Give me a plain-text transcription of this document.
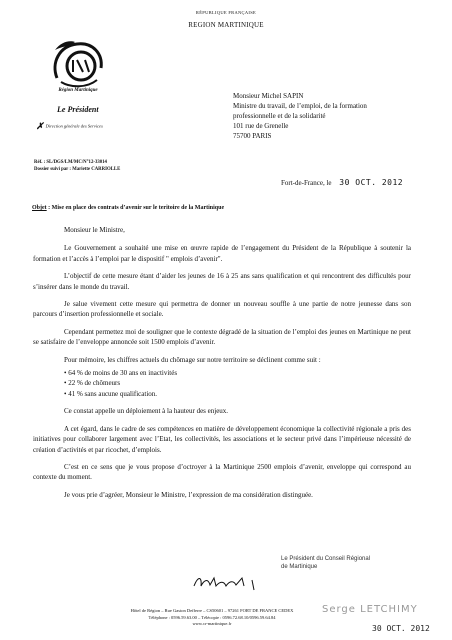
RÉPUBLIQUE FRANÇAISE
REGION MARTINIQUE
Région Martinique
Le Président
✗ Direction générale des Services
Réf. : SL/DGS/LM/MC/N°12-33014
Dossier suivi par : Mariette CARRIOLLE
Monsieur Michel SAPIN
Ministre du travail, de l’emploi, de la formation
professionnelle et de la solidarité
101 rue de Grenelle
75700 PARIS
Fort-de-France, le 30 OCT. 2012
Objet : Mise en place des contrats d’avenir sur le teritoire de la Martinique

Monsieur le Ministre,

Le Gouvernement a souhaité une mise en œuvre rapide de l’engagement du Président de la République à soutenir la formation et l’accès à l’emploi par le dispositif " emplois d’avenir".

L’objectif de cette mesure étant d’aider les jeunes de 16 à 25 ans sans qualification et qui rencontrent des difficultés pour s’insérer dans le monde du travail.

Je salue vivement cette mesure qui permettra de donner un nouveau souffle à une partie de notre jeunesse dans son parcours d’insertion professionnelle et sociale.

Cependant permettez moi de souligner que le contexte dégradé de la situation de l’emploi des jeunes en Martinique ne peut se satisfaire de l’enveloppe annoncée soit 1500 emplois d’avenir.

Pour mémoire, les chiffres actuels du chômage sur notre territoire se déclinent comme suit :

• 64 % de moins de 30 ans en inactivités
• 22 % de chômeurs
• 41 % sans aucune qualification.

Ce constat appelle un déploiement à la hauteur des enjeux.

A cet égard, dans le cadre de ses compétences en matière de développement économique la collectivité régionale a pris des initiatives pour collaborer largement avec l’Etat, les collectivités, les associations et le secteur privé dans l’impérieuse nécessité de création d’activités et par ricochet, d’emplois.

C’est en ce sens que je vous propose d’octroyer à la Martinique 2500 emplois d’avenir, enveloppe qui correspond au contexte du moment.

Je vous prie d’agréer, Monsieur le Ministre, l’expression de ma considération distinguée.

Le Président du Conseil Régional
de Martinique
Serge LETCHIMY
30 OCT. 2012
Hôtel de Région – Rue Gaston Defferre – CS50601 – 97261 FORT DE FRANCE CEDEX
Téléphone : 0596.59.63.00 – Télécopie : 0596.72.68.10/0596.59.64.84
www.cr-martinique.fr
